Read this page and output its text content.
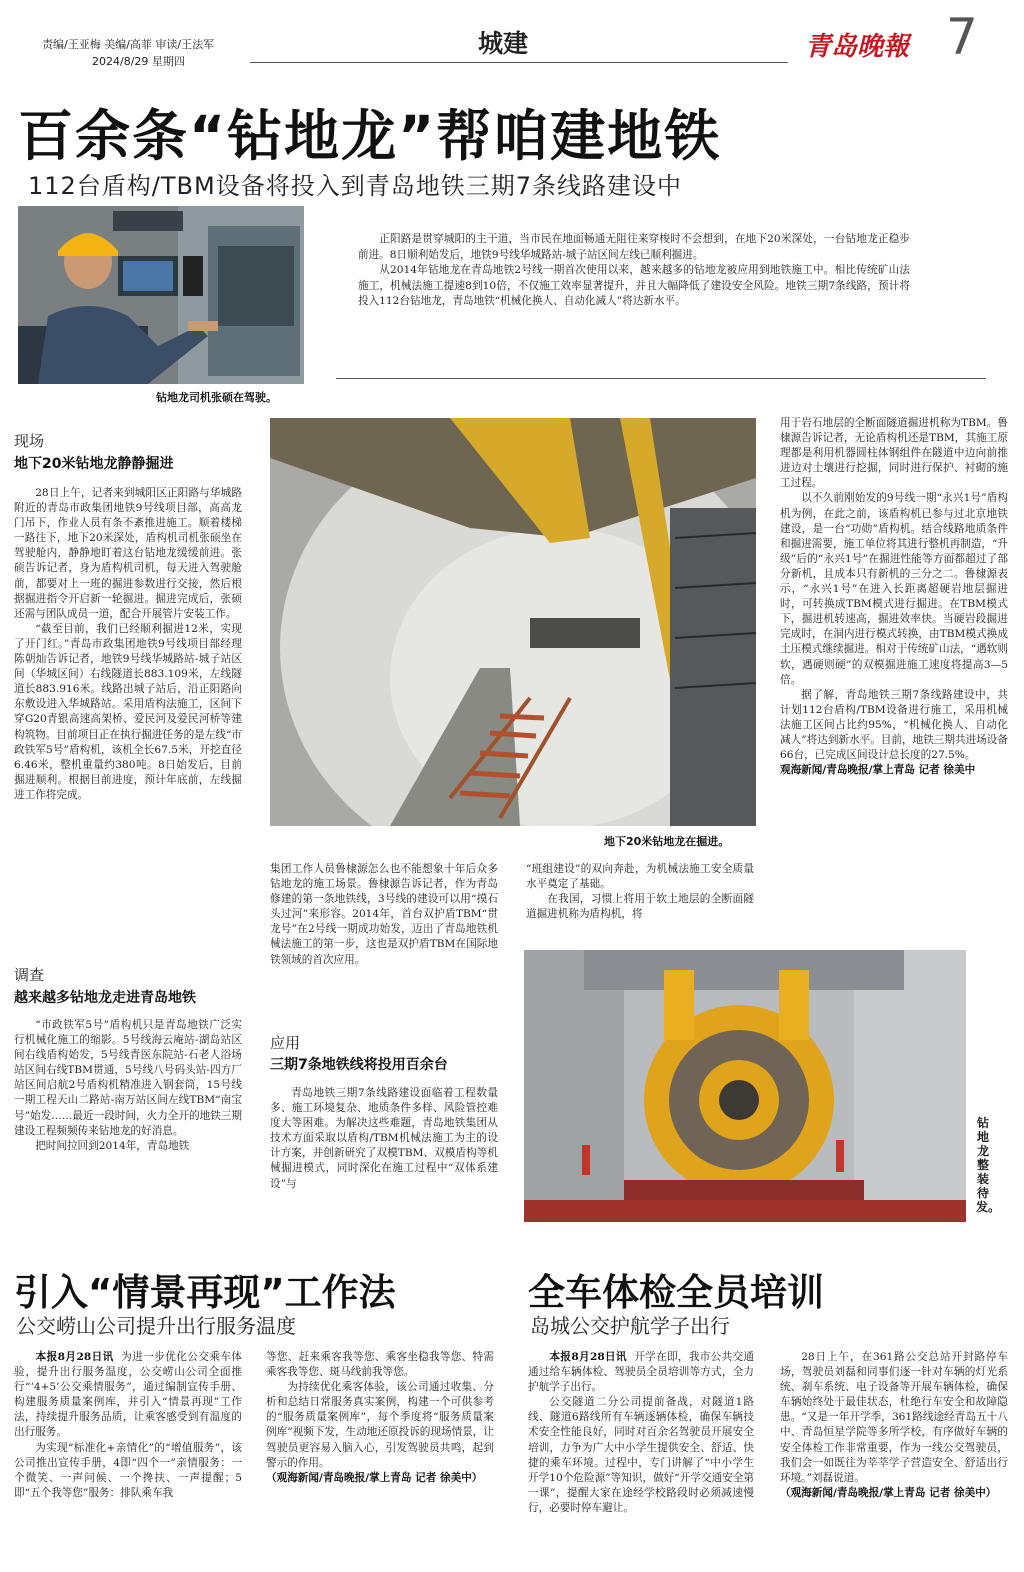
责编/王亚梅 美编/高菲 审读/王法军
2024/8/29 星期四
城建	青岛晚報 7
百余条“钻地龙”帮咱建地铁
112台盾构/TBM设备将投入到青岛地铁三期7条线路建设中
钻地龙司机张硕在驾驶。

正阳路是贯穿城阳的主干道，当市民在地面畅通无阻往来穿梭时不会想到，在地下20米深处，一台钻地龙正稳步前进。8日顺利始发后，地铁9号线华城路站-城子站区间左线已顺利掘进。

从2014年钻地龙在青岛地铁2号线一期首次使用以来，越来越多的钻地龙被应用到地铁施工中。相比传统矿山法施工，机械法施工提速8到10倍，不仅施工效率显著提升，并且大幅降低了建设安全风险。地铁三期7条线路，预计将投入112台钻地龙，青岛地铁“机械化换人、自动化减人”将达新水平。

现场
地下20米钻地龙静静掘进

28日上午，记者来到城阳区正阳路与华城路附近的青岛市政集团地铁9号线项目部，高高龙门吊下，作业人员有条不紊推进施工。顺着楼梯一路往下，地下20米深处，盾构机司机张硕坐在驾驶舱内，静静地盯着这台钻地龙缓缓前进。张硕告诉记者，身为盾构机司机，每天进入驾驶舱前，都要对上一班的掘进参数进行交接，然后根据掘进指令开启新一轮掘进。掘进完成后，张硕还需与团队成员一道，配合开展管片安装工作。

“截至目前，我们已经顺利掘进12米，实现了开门红。”青岛市政集团地铁9号线项目部经理陈朝灿告诉记者，地铁9号线华城路站-城子站区间（华城区间）右线隧道长883.109米，左线隧道长883.916米。线路出城子站后，沿正阳路向东敷设进入华城路站。采用盾构法施工，区间下穿G20青银高速高架桥、爱民河及爱民河桥等建构筑物。目前项目正在执行掘进任务的是左线“市政铁军5号”盾构机，该机全长67.5米，开挖直径6.46米，整机重量约380吨。8日始发后，目前掘进顺利。根据目前进度，预计年底前，左线掘进工作将完成。

调查
越来越多钻地龙走进青岛地铁

“市政铁军5号”盾构机只是青岛地铁广泛实行机械化施工的缩影。5号线海云庵站-湖岛站区间右线盾构始发，5号线青医东院站-石老人浴场站区间右线TBM贯通，5号线八号码头站-四方厂站区间启航2号盾构机精准进入钢套筒，15号线一期工程天山二路站-南万站区间左线TBM“南宝号”始发……最近一段时间，火力全开的地铁三期建设工程频频传来钻地龙的好消息。

把时间拉回到2014年，青岛地铁

地下20米钻地龙在掘进。
集团工作人员鲁棣源怎么也不能想象十年后众多钻地龙的施工场景。鲁棣源告诉记者，作为青岛修建的第一条地铁线，3号线的建设可以用“摸石头过河”来形容。2014年，首台双护盾TBM“贯龙号”在2号线一期成功始发，迈出了青岛地铁机械法施工的第一步，这也是双护盾TBM在国际地铁领域的首次应用。
应用
三期7条地铁线将投用百余台

青岛地铁三期7条线路建设面临着工程数量多、施工环境复杂、地质条件多样、风险管控难度大等困难。为解决这些难题，青岛地铁集团从技术方面采取以盾构/TBM机械法施工为主的设计方案，并创新研究了双模TBM、双模盾构等机械掘进模式，同时深化在施工过程中“双体系建设”与

“班组建设”的双向奔赴，为机械法施工安全质量水平奠定了基础。

在我国，习惯上将用于软土地层的全断面隧道掘进机称为盾构机，将

钻地龙整装待发。
用于岩石地层的全断面隧道掘进机称为TBM。鲁棣源告诉记者，无论盾构机还是TBM，其施工原理都是利用机器圆柱体钢组件在隧道中边向前推进边对土壤进行挖掘，同时进行保护、衬砌的施工过程。

以不久前刚始发的9号线一期“永兴1号”盾构机为例，在此之前，该盾构机已参与过北京地铁建设，是一台“功勋”盾构机。结合线路地质条件和掘进需要，施工单位将其进行整机再制造，“升级”后的“永兴1号”在掘进性能等方面都超过了部分新机，且成本只有新机的三分之二。鲁棣源表示，“永兴1号”在进入长距离超硬岩地层掘进时，可转换成TBM模式进行掘进。在TBM模式下，掘进机转速高，掘进效率快。当硬岩段掘进完成时，在洞内进行模式转换，由TBM模式换成土压模式继续掘进。相对于传统矿山法，“遇软则软，遇硬则硬”的双模掘进施工速度将提高3—5倍。

据了解，青岛地铁三期7条线路建设中，共计划112台盾构/TBM设备进行施工，采用机械法施工区间占比约95%，“机械化换人、自动化减人”将达到新水平。目前，地铁三期共进场设备66台，已完成区间设计总长度的27.5%。

观海新闻/青岛晚报/掌上青岛 记者 徐美中
引入“情景再现”工作法
公交崂山公司提升出行服务温度
本报8月28日讯 为进一步优化公交乘车体验，提升出行服务温度，公交崂山公司全面推行“‘4+5’公交乘情服务”，通过编制宣传手册、构建服务质量案例库，并引入“情景再现”工作法，持续提升服务品质，让乘客感受到有温度的出行服务。

为实现“标准化+亲情化”的“增值服务”，该公司推出宣传手册，4即“四个一”亲情服务：一个微笑、一声问候、一个搀扶、一声提醒；5即“五个我等您”服务：排队乘车我

等您、赶来乘客我等您、乘客坐稳我等您、特需乘客我等您、斑马线前我等您。

为持续优化乘客体验，该公司通过收集、分析和总结日常服务真实案例，构建一个可供参考的“服务质量案例库”，每个季度将“服务质量案例库”视频下发，生动地还原投诉的现场情景，让驾驶员更容易入脑入心，引发驾驶员共鸣，起到警示的作用。

（观海新闻/青岛晚报/掌上青岛 记者 徐美中）
全车体检全员培训
岛城公交护航学子出行
本报8月28日讯 开学在即，我市公共交通通过给车辆体检、驾驶员全员培训等方式，全力护航学子出行。

公交隧道二分公司提前备战，对隧道1路线、隧道6路线所有车辆逐辆体检，确保车辆技术安全性能良好，同时对百余名驾驶员开展安全培训，力争为广大中小学生提供安全、舒适、快捷的乘车环境。过程中，专门讲解了“中小学生开学10个危险源”等知识，做好“开学交通安全第一课”，提醒大家在途经学校路段时必须减速慢行，必要时停车避让。

28日上午，在361路公交总站开封路停车场，驾驶员刘磊和同事们逐一针对车辆的灯光系统、刹车系统、电子设备等开展车辆体检，确保车辆始终处于最佳状态，杜绝行车安全和故障隐患。“又是一年开学季，361路线途经青岛五十八中、青岛恒星学院等多所学校，有序做好车辆的安全体检工作非常重要，作为一线公交驾驶员，我们会一如既往为莘莘学子营造安全、舒适出行环境。”刘磊说道。

（观海新闻/青岛晚报/掌上青岛 记者 徐美中）
